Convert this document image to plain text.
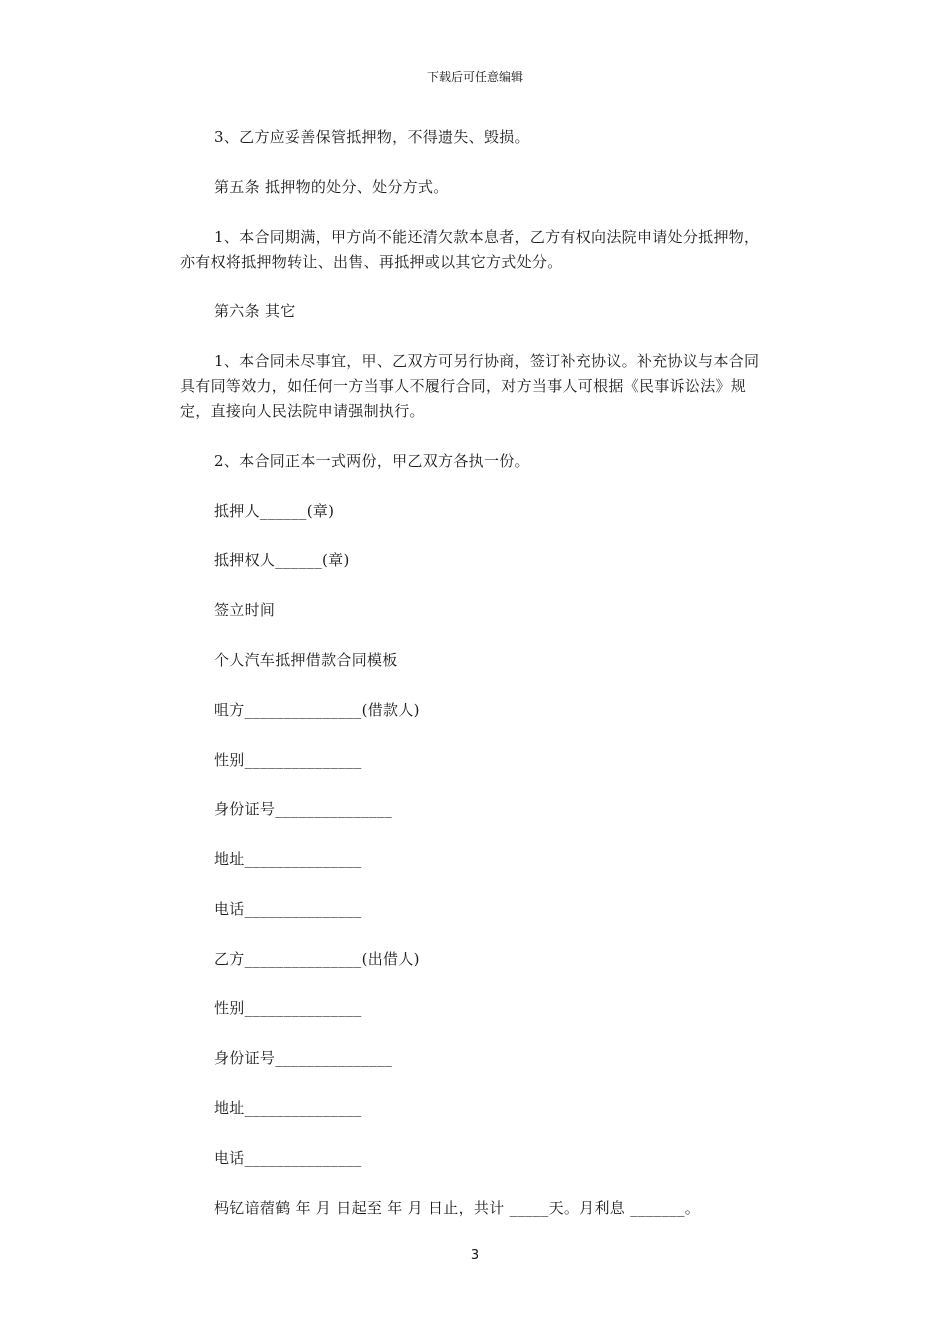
下载后可任意编辑

3、乙方应妥善保管抵押物，不得遗失、毁损。

第五条 抵押物的处分、处分方式。

1、本合同期满，甲方尚不能还清欠款本息者，乙方有权向法院申请处分抵押物，亦有权将抵押物转让、出售、再抵押或以其它方式处分。

第六条 其它

1、本合同未尽事宜，甲、乙双方可另行协商，签订补充协议。补充协议与本合同具有同等效力，如任何一方当事人不履行合同，对方当事人可根据《民事诉讼法》规定，直接向人民法院申请强制执行。

2、本合同正本一式两份，甲乙双方各执一份。

抵押人______(章)

抵押权人______(章)

签立时间

个人汽车抵押借款合同模板

咀方_______________(借款人)

性别_______________

身份证号_______________

地址_______________

电话_______________

乙方_______________(出借人)

性别_______________

身份证号_______________

地址_______________

电话_______________

杩钇谙蓿鹤 年 月 日起至 年 月 日止，共计 _____天。月利息 _______。

3
